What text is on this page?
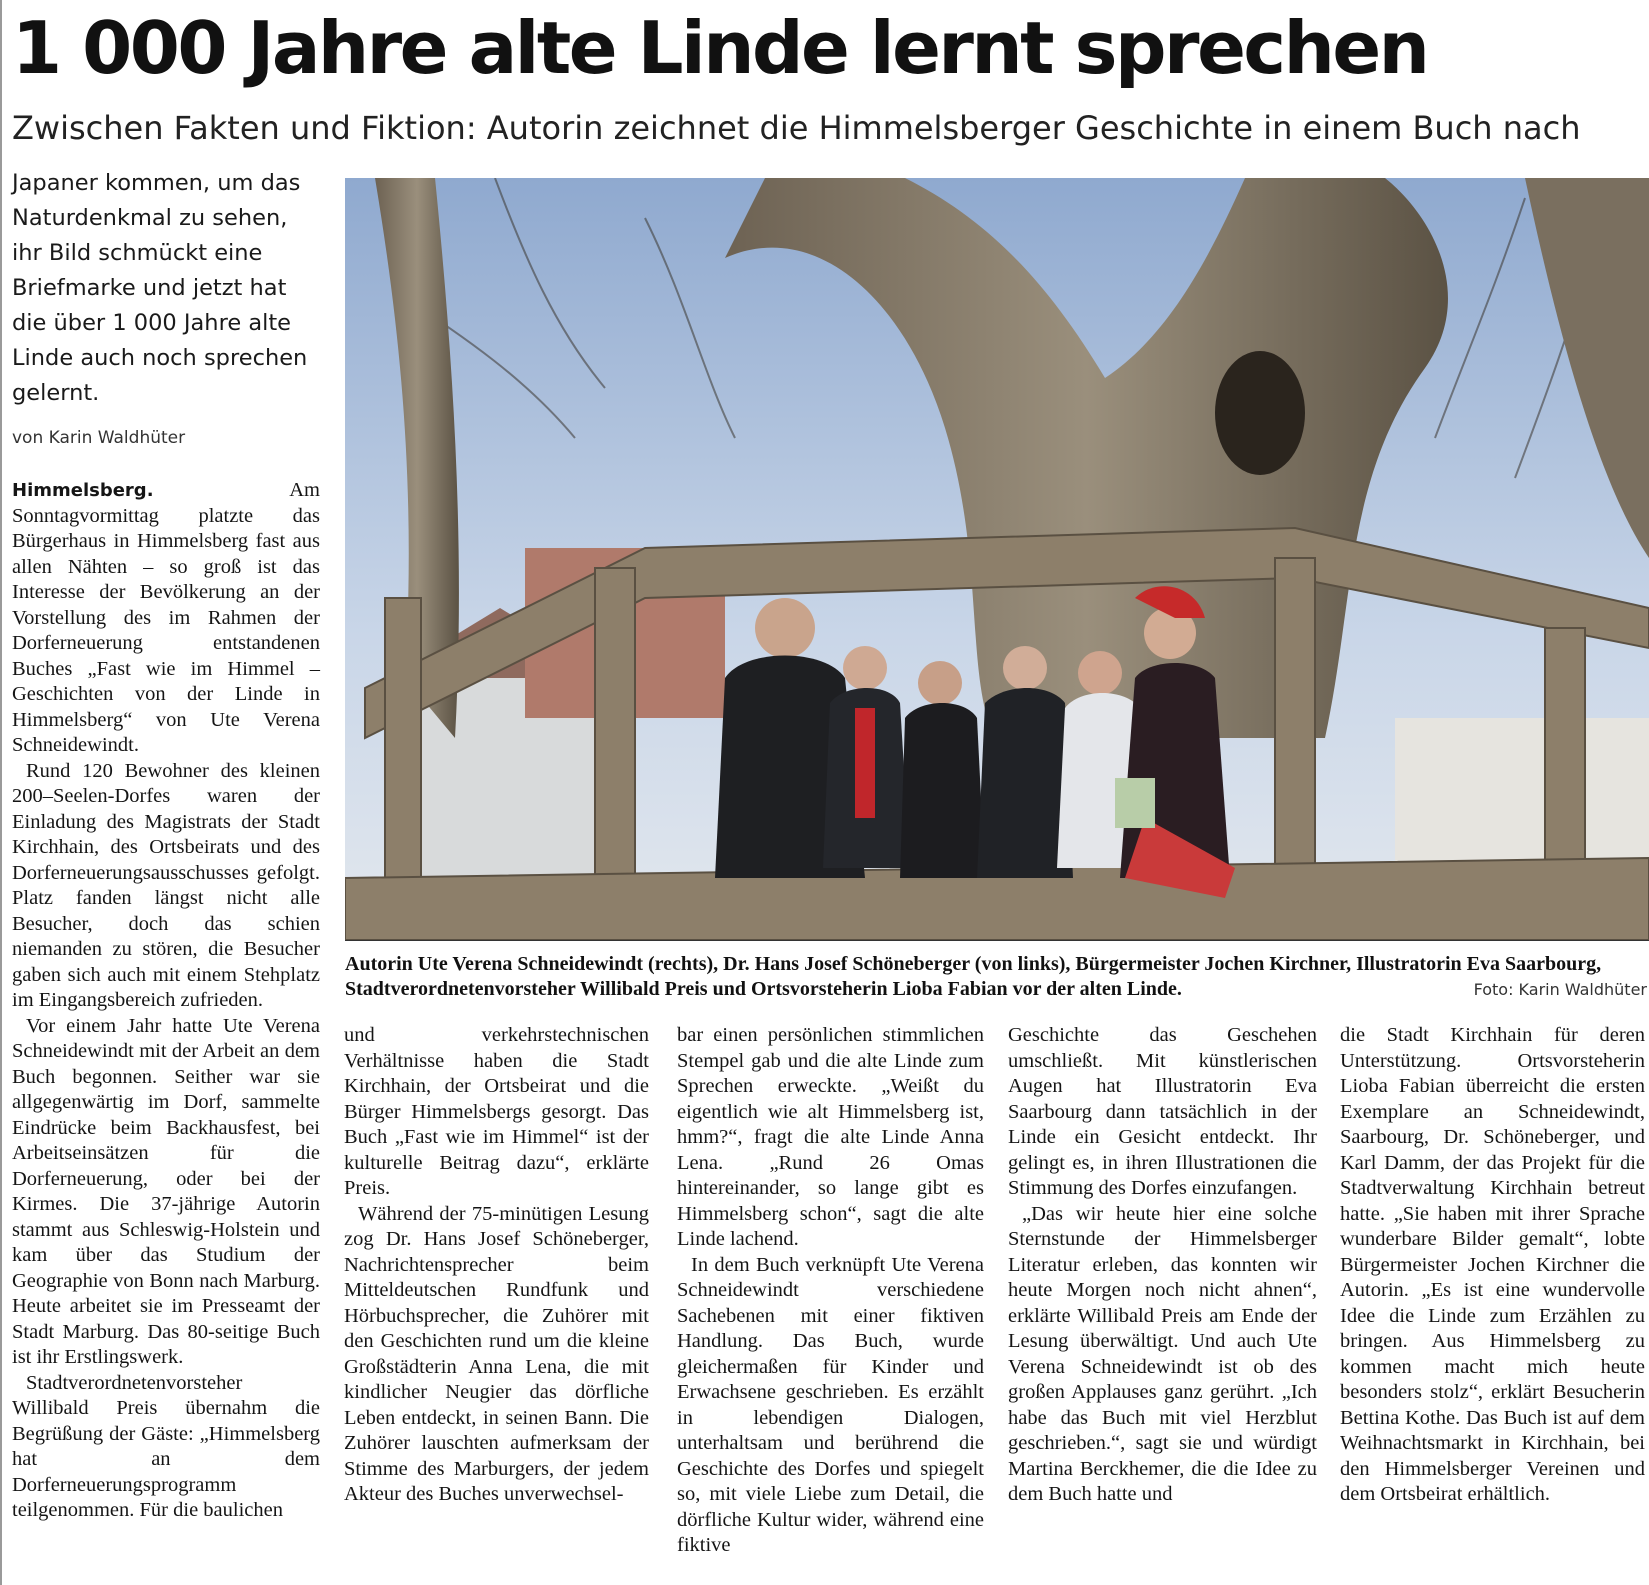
1 000 Jahre alte Linde lernt sprechen
Zwischen Fakten und Fiktion: Autorin zeichnet die Himmelsberger Geschichte in einem Buch nach

Japaner kommen, um das Naturdenkmal zu sehen, ihr Bild schmückt eine Briefmarke und jetzt hat die über 1 000 Jahre alte Linde auch noch sprechen gelernt.

von Karin Waldhüter

Himmelsberg.	Am Sonntagvormittag platzte das Bürgerhaus in Himmelsberg fast aus allen Nähten – so groß ist das Interesse der Bevölkerung an der Vorstellung des im Rahmen der Dorferneuerung entstandenen Buches „Fast wie im Himmel – Geschichten von der Linde in Himmelsberg“ von Ute Verena Schneidewindt.

Rund 120 Bewohner des kleinen 200–Seelen-Dorfes waren der Einladung des Magistrats der Stadt Kirchhain, des Ortsbeirats und des Dorferneuerungsausschusses gefolgt. Platz fanden längst nicht alle Besucher, doch das schien niemanden zu stören, die Besucher gaben sich auch mit einem Stehplatz im Eingangsbereich zufrieden.

Vor einem Jahr hatte Ute Verena Schneidewindt mit der Arbeit an dem Buch begonnen. Seither war sie allgegenwärtig im Dorf, sammelte Eindrücke beim Backhausfest, bei Arbeitseinsätzen für die Dorferneuerung, oder bei der Kirmes. Die 37-jährige Autorin stammt aus Schleswig-Holstein und kam über das Studium der Geographie von Bonn nach Marburg. Heute arbeitet sie im Presseamt der Stadt Marburg. Das 80-seitige Buch ist ihr Erstlingswerk.

Stadtverordnetenvorsteher Willibald Preis übernahm die Begrüßung der Gäste: „Himmelsberg hat an dem Dorferneuerungsprogramm teilgenommen. Für die baulichen

Autorin Ute Verena Schneidewindt (rechts), Dr. Hans Josef Schöneberger (von links), Bürgermeister Jochen Kirchner, Illustratorin Eva Saarbourg, Stadtverordnetenvorsteher Willibald Preis und Ortsvorsteherin Lioba Fabian vor der alten Linde.	Foto: Karin Waldhüter

und verkehrstechnischen Verhältnisse haben die Stadt Kirchhain, der Ortsbeirat und die Bürger Himmelsbergs gesorgt. Das Buch „Fast wie im Himmel“ ist der kulturelle Beitrag dazu“, erklärte Preis.

Während der 75-minütigen Lesung zog Dr. Hans Josef Schöneberger, Nachrichtensprecher beim Mitteldeutschen Rundfunk und Hörbuchsprecher, die Zuhörer mit den Geschichten rund um die kleine Großstädterin Anna Lena, die mit kindlicher Neugier das dörfliche Leben entdeckt, in seinen Bann. Die Zuhörer lauschten aufmerksam der Stimme des Marburgers, der jedem Akteur des Buches unverwechsel-

bar einen persönlichen stimmlichen Stempel gab und die alte Linde zum Sprechen erweckte. „Weißt du eigentlich wie alt Himmelsberg ist, hmm?“, fragt die alte Linde Anna Lena. „Rund 26 Omas hintereinander, so lange gibt es Himmelsberg schon“, sagt die alte Linde lachend.

In dem Buch verknüpft Ute Verena Schneidewindt verschiedene Sachebenen mit einer fiktiven Handlung. Das Buch, wurde gleichermaßen für Kinder und Erwachsene geschrieben. Es erzählt in lebendigen Dialogen, unterhaltsam und berührend die Geschichte des Dorfes und spiegelt so, mit viele Liebe zum Detail, die dörfliche Kultur wider, während eine fiktive

Geschichte das Geschehen umschließt. Mit künstlerischen Augen hat Illustratorin Eva Saarbourg dann tatsächlich in der Linde ein Gesicht entdeckt. Ihr gelingt es, in ihren Illustrationen die Stimmung des Dorfes einzufangen.

„Das wir heute hier eine solche Sternstunde der Himmelsberger Literatur erleben, das konnten wir heute Morgen noch nicht ahnen“, erklärte Willibald Preis am Ende der Lesung überwältigt. Und auch Ute Verena Schneidewindt ist ob des großen Applauses ganz gerührt. „Ich habe das Buch mit viel Herzblut geschrieben.“, sagt sie und würdigt Martina Berckhemer, die die Idee zu dem Buch hatte und

die Stadt Kirchhain für deren Unterstützung. Ortsvorsteherin Lioba Fabian überreicht die ersten Exemplare an Schneidewindt, Saarbourg, Dr. Schöneberger, und Karl Damm, der das Projekt für die Stadtverwaltung Kirchhain betreut hatte. „Sie haben mit ihrer Sprache wunderbare Bilder gemalt“, lobte Bürgermeister Jochen Kirchner die Autorin. „Es ist eine wundervolle Idee die Linde zum Erzählen zu bringen. Aus Himmelsberg zu kommen macht mich heute besonders stolz“, erklärt Besucherin Bettina Kothe. Das Buch ist auf dem Weihnachtsmarkt in Kirchhain, bei den Himmelsberger Vereinen und dem Ortsbeirat erhältlich.
